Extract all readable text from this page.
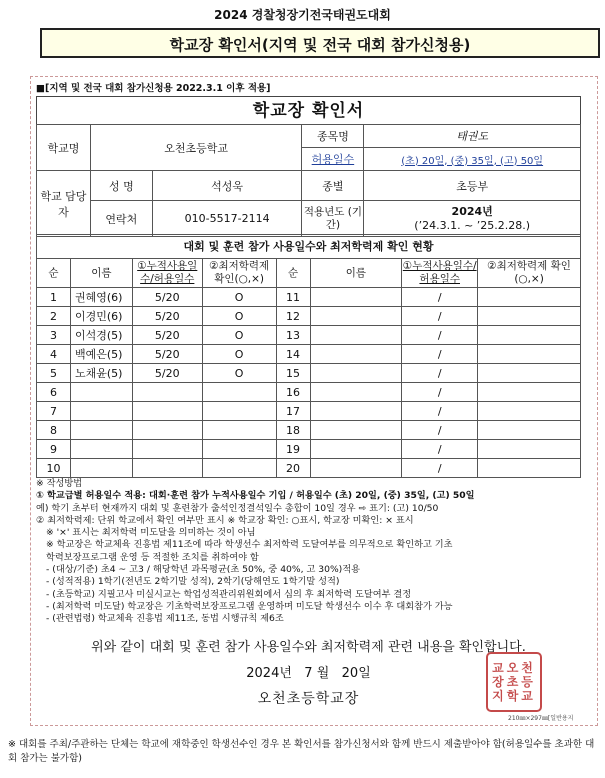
2024 경찰청장기전국태권도대회
학교장 확인서(지역 및 전국 대회 참가신청용)
■[지역 및 전국 대회 참가신청용 2022.3.1 이후 적용]
학교장 확인서
학교명	오천초등학교		종목명	태권도
			허용일수	(초) 20일, (중) 35일, (고) 50일
학교 담당자	성 명	석성욱	종별	초등부
	연락처	010-5517-2114	적용년도 (기간)	2024년
(’24.3.1. ~ ’25.2.28.)
대회 및 훈련 참가 사용일수와 최저학력제 확인 현황
순	이름	①누적사용일수/허용일수	②최저학력제 확인(○,×)	순	이름	①누적사용일수/허용일수	②최저학력제 확인(○,×)
1	권혜영(6)	5/20	O	11		/	
2	이경민(6)	5/20	O	12		/	
3	이석경(5)	5/20	O	13		/	
4	백예은(5)	5/20	O	14		/	
5	노채윤(5)	5/20	O	15		/	
6				16		/	
7				17		/	
8				18		/	
9				19		/	
10				20		/	
※ 작성방법
① 학교급별 허용일수 적용: 대회·훈련 참가 누적사용일수 기입 / 허용일수 (초) 20일, (중) 35일, (고) 50일
예) 학기 초부터 현재까지 대회 및 훈련참가 출석인정결석일수 총합이 10일 경우 ⇨ 표기: (고) 10/50
② 최저학력제: 단위 학교에서 확인 여부만 표시 ※ 학교장 확인: ○표시, 학교장 미확인: × 표시
※ '×' 표시는 최저학력 미도달을 의미하는 것이 아님
※ 학교장은 학교체육 진흥법 제11조에 따라 학생선수 최저학력 도달여부를 의무적으로 확인하고 기초
학력보장프로그램 운영 등 적절한 조치를 취하여야 함
- (대상/기준) 초4 ~ 고3 / 해당학년 과목평균(초 50%, 중 40%, 고 30%)적용
- (성적적용) 1학기(전년도 2학기말 성적), 2학기(당해연도 1학기말 성적)
- (초등학교) 지필고사 미실시교는 학업성적관리위원회에서 심의 후 최저학력 도달여부 결정
- (최저학력 미도달) 학교장은 기초학력보장프로그램 운영하며 미도달 학생선수 이수 후 대회참가 가능
- (관련법령) 학교체육 진흥법 제11조, 동법 시행규칙 제6조
위와 같이 대회 및 훈련 참가 사용일수와 최저학력제 관련 내용을 확인합니다.
2024년   7 월   20일
오천초등학교장
교오천
장초등
지학교
210㎜×297㎜[일반용지
※ 대회를 주최/주관하는 단체는 학교에 재학중인 학생선수인 경우 본 확인서를 참가신청서와 함께 반드시 제출받아야 함(허용일수를 초과한 대회 참가는 불가함)
